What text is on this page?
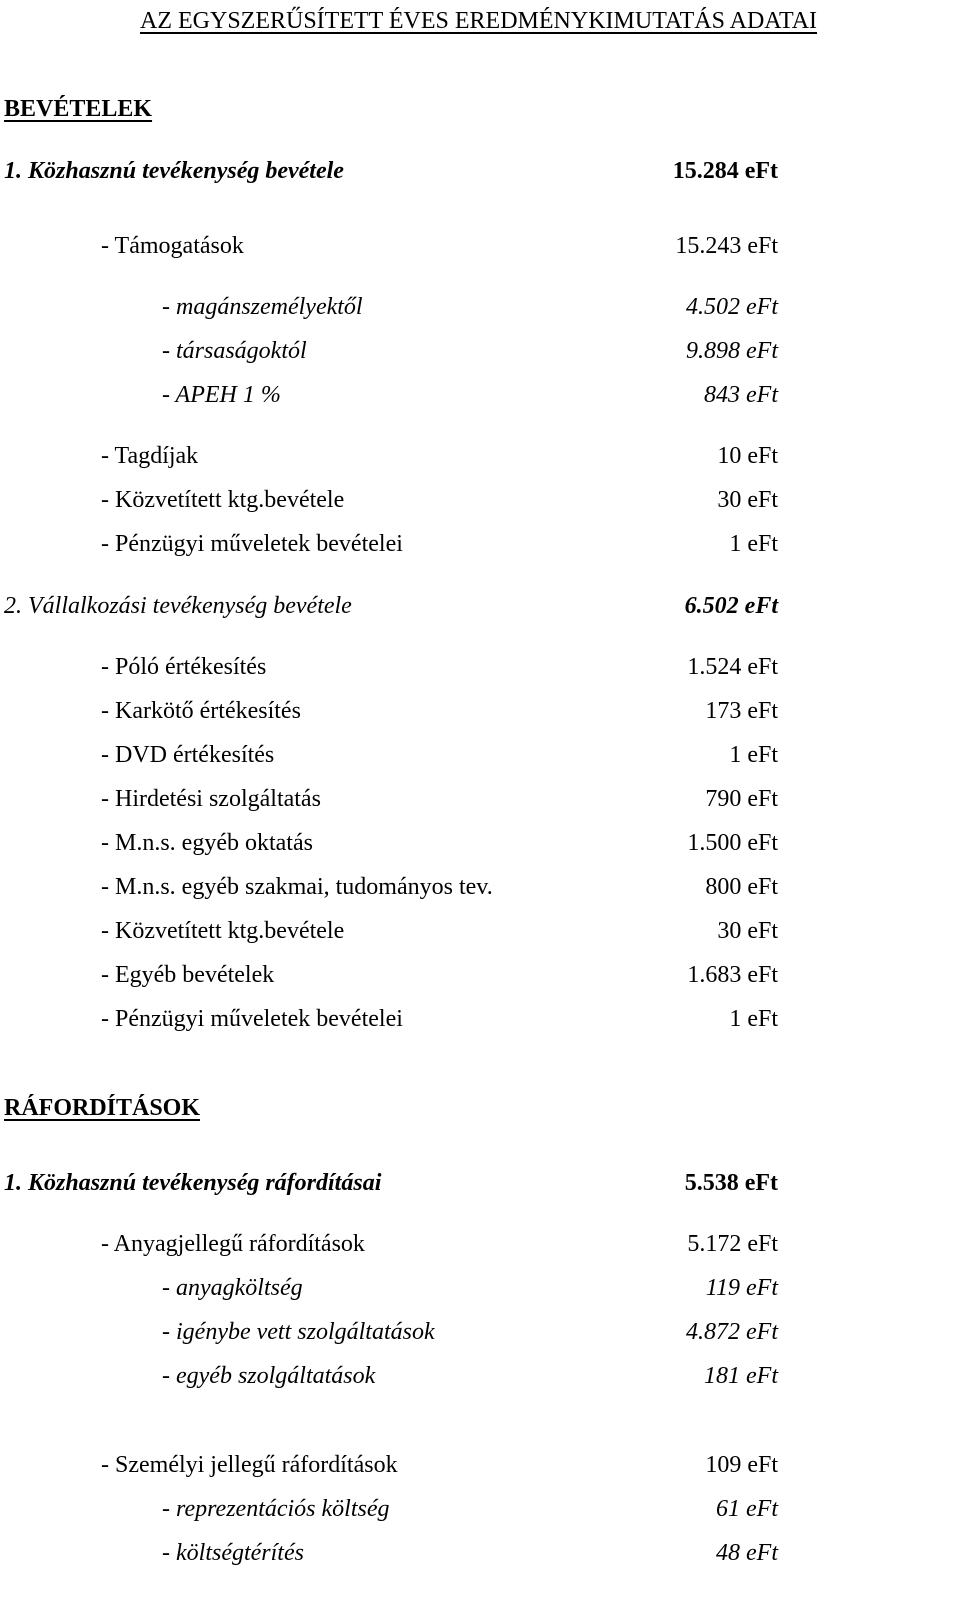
AZ EGYSZERŰSÍTETT ÉVES EREDMÉNYKIMUTATÁS ADATAI
BEVÉTELEK
1. Közhasznú tevékenység bevétele	15.284 eFt
- Támogatások	15.243 eFt
- magánszemélyektől	4.502 eFt
- társaságoktól	9.898 eFt
- APEH 1 %	843 eFt
- Tagdíjak	10 eFt
- Közvetített ktg.bevétele	30 eFt
- Pénzügyi műveletek bevételei	1 eFt
2. Vállalkozási tevékenység bevétele	6.502 eFt
- Póló értékesítés	1.524 eFt
- Karkötő értékesítés	173 eFt
- DVD értékesítés	1 eFt
- Hirdetési szolgáltatás	790 eFt
- M.n.s. egyéb oktatás	1.500 eFt
- M.n.s. egyéb szakmai, tudományos tev.	800 eFt
- Közvetített ktg.bevétele	30 eFt
- Egyéb bevételek	1.683 eFt
- Pénzügyi műveletek bevételei	1 eFt
RÁFORDÍTÁSOK
1. Közhasznú tevékenység ráfordításai	5.538 eFt
- Anyagjellegű ráfordítások	5.172 eFt
- anyagköltség	119 eFt
- igénybe vett szolgáltatások	4.872 eFt
- egyéb szolgáltatások	181 eFt
- Személyi jellegű ráfordítások	109 eFt
- reprezentációs költség	61 eFt
- költségtérítés	48 eFt
